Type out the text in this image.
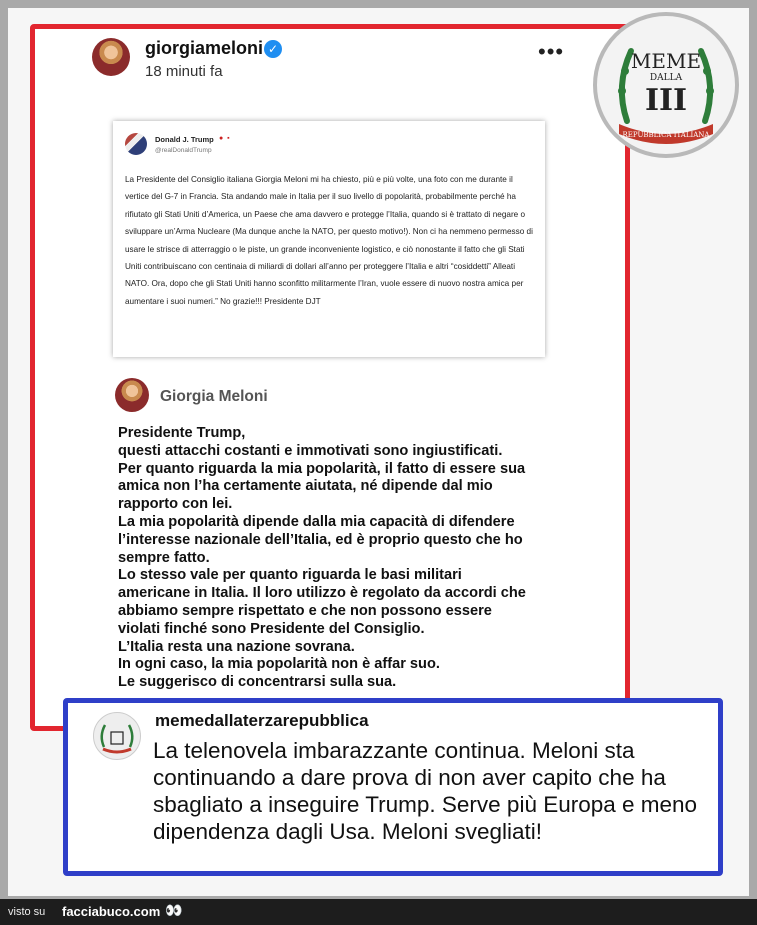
giorgiameloni ✓
18 minuti fa
•••
Donald J. Trump ● ▪
@realDonaldTrump
La Presidente del Consiglio italiana Giorgia Meloni mi ha chiesto, più e più volte, una foto con me durante il vertice del G-7 in Francia. Sta andando male in Italia per il suo livello di popolarità, probabilmente perché ha rifiutato gli Stati Uniti d’America, un Paese che ama davvero e protegge l’Italia, quando si è trattato di negare o sviluppare un’Arma Nucleare (Ma dunque anche la NATO, per questo motivo!). Non ci ha nemmeno permesso di usare le strisce di atterraggio o le piste, un grande inconveniente logistico, e ciò nonostante il fatto che gli Stati Uniti contribuiscano con centinaia di miliardi di dollari all’anno per proteggere l’Italia e altri “cosiddetti” Alleati NATO. Ora, dopo che gli Stati Uniti hanno sconfitto militarmente l’Iran, vuole essere di nuovo nostra amica per aumentare i suoi numeri.” No grazie!!! Presidente DJT
Giorgia Meloni

Presidente Trump,

questi attacchi costanti e immotivati sono ingiustificati.

Per quanto riguarda la mia popolarità, il fatto di essere sua amica non l’ha certamente aiutata, né dipende dal mio rapporto con lei.

La mia popolarità dipende dalla mia capacità di difendere l’interesse nazionale dell’Italia, ed è proprio questo che ho sempre fatto.

Lo stesso vale per quanto riguarda le basi militari americane in Italia. Il loro utilizzo è regolato da accordi che abbiamo sempre rispettato e che non possono essere violati finché sono Presidente del Consiglio.

L’Italia resta una nazione sovrana.

In ogni caso, la mia popolarità non è affar suo.

Le suggerisco di concentrarsi sulla sua.

MEME
DALLA
III
REPUBBLICA ITALIANA
memedallaterzarepubblica
La telenovela imbarazzante continua. Meloni sta continuando a dare prova di non aver capito che ha sbagliato a inseguire Trump. Serve più Europa e meno dipendenza dagli Usa. Meloni svegliati!
visto su facciabuco.com 👀
